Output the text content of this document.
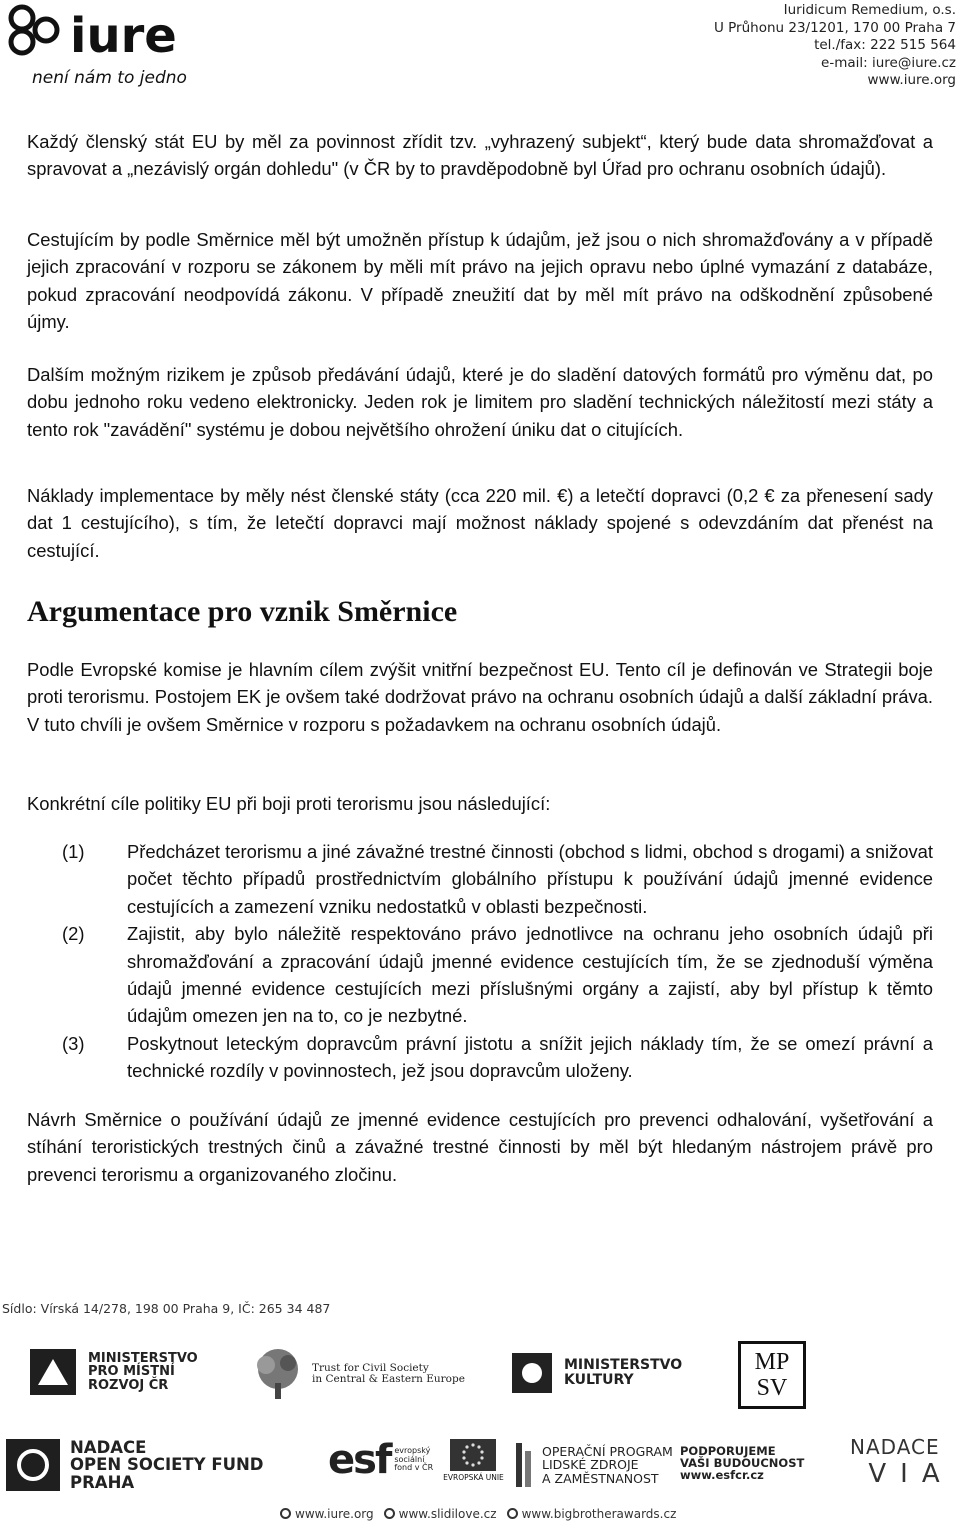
iure
není nám to jedno
Iuridicum Remedium, o.s.
U Průhonu 23/1201, 170 00 Praha 7
tel./fax: 222 515 564
e-mail: iure@iure.cz
www.iure.org

Každý členský stát EU by měl za povinnost zřídit tzv. „vyhrazený subjekt“, který bude data shromažďovat a spravovat a „nezávislý orgán dohledu" (v ČR by to pravděpodobně byl Úřad pro ochranu osobních údajů).

Cestujícím by podle Směrnice měl být umožněn přístup k údajům, jež jsou o nich shromažďovány a v případě jejich zpracování v rozporu se zákonem by měli mít právo na jejich opravu nebo úplné vymazání z databáze, pokud zpracování neodpovídá zákonu. V případě zneužití dat by měl mít právo na odškodnění způsobené újmy.

Dalším možným rizikem je způsob předávání údajů, které je do sladění datových formátů pro výměnu dat, po dobu jednoho roku vedeno elektronicky. Jeden rok je limitem pro sladění technických náležitostí mezi státy a tento rok "zavádění" systému je dobou největšího ohrožení úniku dat o citujících.

Náklady implementace by měly nést členské státy (cca 220 mil. €) a letečtí dopravci (0,2 € za přenesení sady dat 1 cestujícího), s tím, že letečtí dopravci mají možnost náklady spojené s odevzdáním dat přenést na cestující.

Argumentace pro vznik Směrnice

Podle Evropské komise je hlavním cílem zvýšit vnitřní bezpečnost EU. Tento cíl je definován ve Strategii boje proti terorismu. Postojem EK je ovšem také dodržovat právo na ochranu osobních údajů a další základní práva. V tuto chvíli je ovšem Směrnice v rozporu s požadavkem na ochranu osobních údajů.

Konkrétní cíle politiky EU při boji proti terorismu jsou následující:

(1) Předcházet terorismu a jiné závažné trestné činnosti (obchod s lidmi, obchod s drogami) a snižovat počet těchto případů prostřednictvím globálního přístupu k používání údajů jmenné evidence cestujících a zamezení vzniku nedostatků v oblasti bezpečnosti.
(2) Zajistit, aby bylo náležitě respektováno právo jednotlivce na ochranu jeho osobních údajů při shromažďování a zpracování údajů jmenné evidence cestujících tím, že se zjednoduší výměna údajů jmenné evidence cestujících mezi příslušnými orgány a zajistí, aby byl přístup k těmto údajům omezen jen na to, co je nezbytné.
(3) Poskytnout leteckým dopravcům právní jistotu a snížit jejich náklady tím, že se omezí právní a technické rozdíly v povinnostech, jež jsou dopravcům uloženy.

Návrh Směrnice o používání údajů ze jmenné evidence cestujících pro prevenci odhalování, vyšetřování a stíhání teroristických trestných činů a závažné trestné činnosti by měl být hledaným nástrojem právě pro prevenci terorismu a organizovaného zločinu.

Sídlo: Vírská 14/278, 198 00 Praha 9, IČ: 265 34 487
MINISTERSTVO
PRO MÍSTNÍ
ROZVOJ ČR
Trust for Civil Society
in Central & Eastern Europe
MINISTERSTVO
KULTURY
MP
SV
NADACE
OPEN SOCIETY FUND
PRAHA	esf evropský
sociální
fond v ČR
EVROPSKÁ UNIE
OPERAČNÍ PROGRAM
LIDSKÉ ZDROJE
A ZAMĚSTNANOST
PODPORUJEME
VAŠI BUDOUCNOST
www.esfcr.cz
NADACE
VIA
www.iure.org	www.slidilove.cz	www.bigbrotherawards.cz
